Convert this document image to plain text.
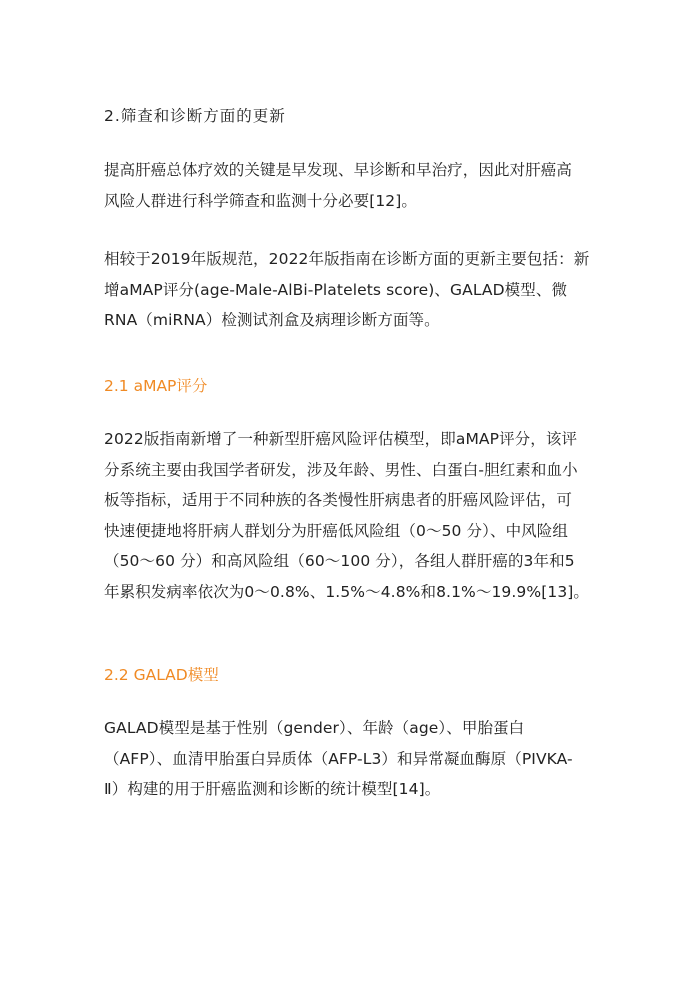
2.筛查和诊断方面的更新

提高肝癌总体疗效的关键是早发现、早诊断和早治疗，因此对肝癌高
风险人群进行科学筛查和监测十分必要[12]。

相较于2019年版规范，2022年版指南在诊断方面的更新主要包括：新
增aMAP评分(age-Male-AlBi-Platelets score)、GALAD模型、微
RNA（miRNA）检测试剂盒及病理诊断方面等。

2.1 aMAP评分

2022版指南新增了一种新型肝癌风险评估模型，即aMAP评分，该评
分系统主要由我国学者研发，涉及年龄、男性、白蛋白-胆红素和血小
板等指标，适用于不同种族的各类慢性肝病患者的肝癌风险评估，可
快速便捷地将肝病人群划分为肝癌低风险组（0～50 分）、中风险组
（50～60 分）和高风险组（60～100 分），各组人群肝癌的3年和5
年累积发病率依次为0～0.8%、1.5%～4.8%和8.1%～19.9%[13]。

2.2 GALAD模型

GALAD模型是基于性别（gender）、年龄（age）、甲胎蛋白
（AFP）、血清甲胎蛋白异质体（AFP-L3）和异常凝血酶原（PIVKA-
Ⅱ）构建的用于肝癌监测和诊断的统计模型[14]。
